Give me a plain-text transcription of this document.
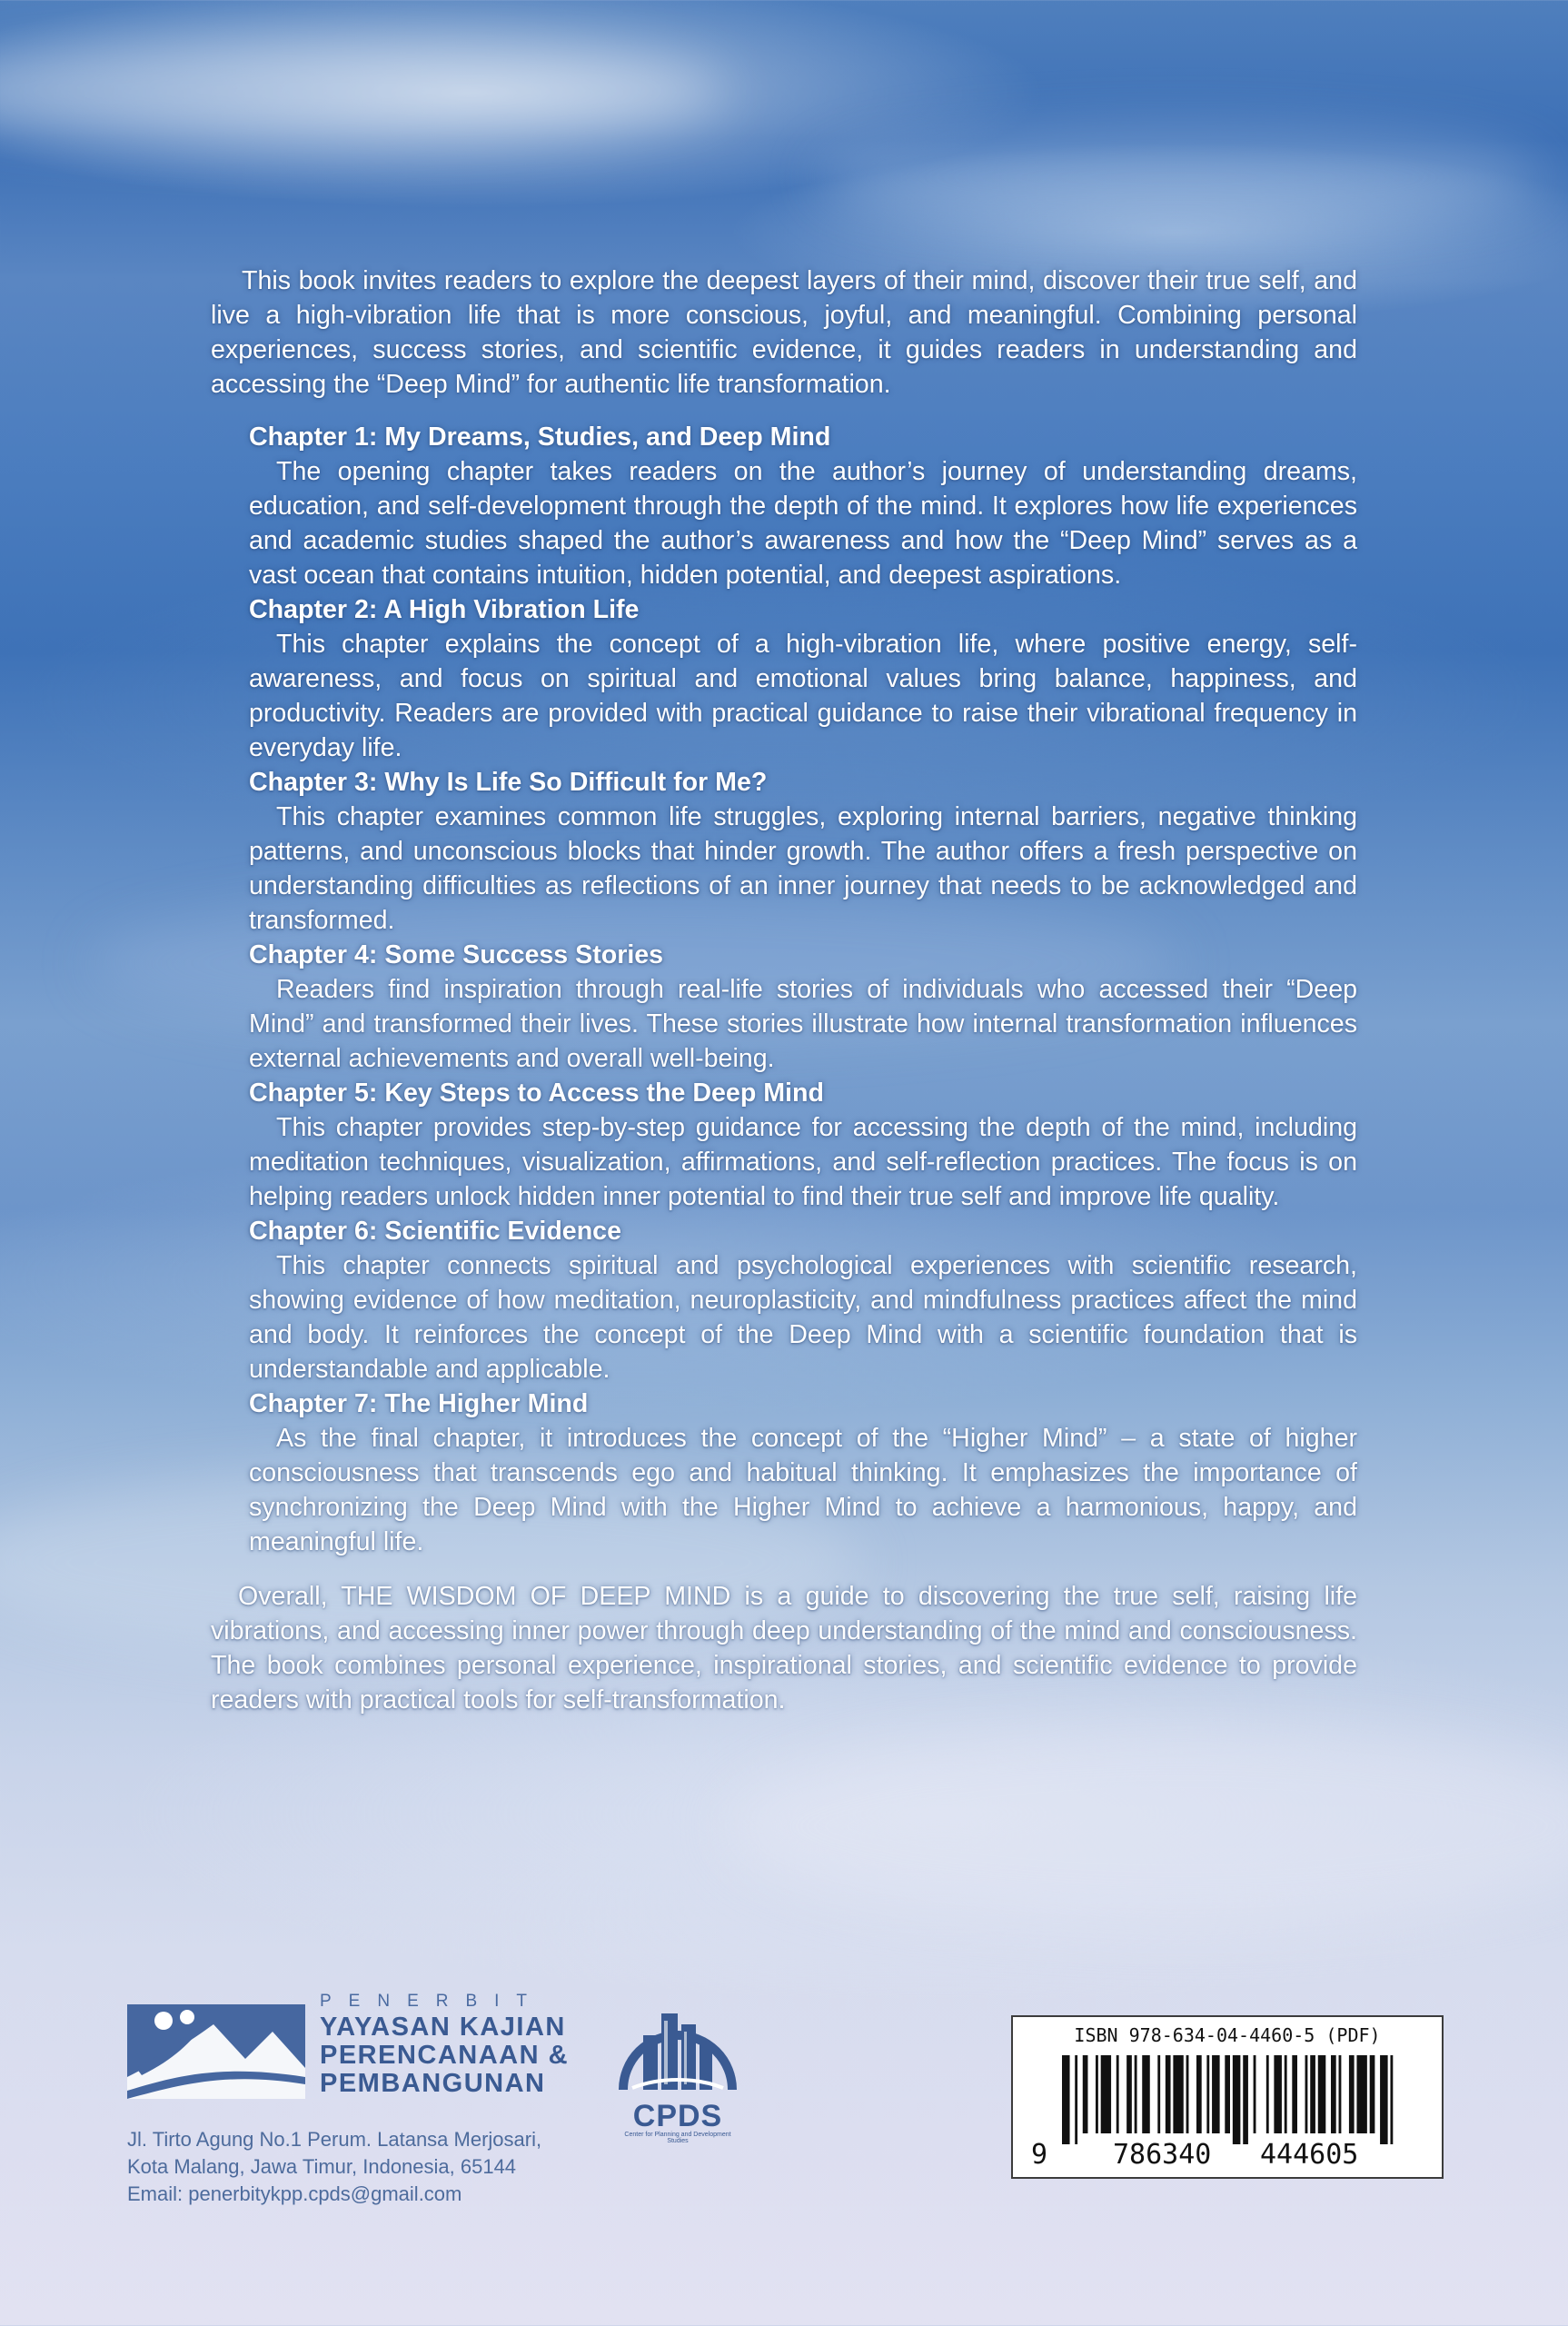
This book invites readers to explore the deepest layers of their mind, discover their true self, and live a high-vibration life that is more conscious, joyful, and meaningful. Combining personal experiences, success stories, and scientific evidence, it guides readers in understanding and accessing the “Deep Mind” for authentic life transformation.

Chapter 1: My Dreams, Studies, and Deep Mind

The opening chapter takes readers on the author’s journey of understanding dreams, education, and self-development through the depth of the mind. It explores how life experiences and academic studies shaped the author’s awareness and how the “Deep Mind” serves as a vast ocean that contains intuition, hidden potential, and deepest aspirations.

Chapter 2: A High Vibration Life

This chapter explains the concept of a high-vibration life, where positive energy, self-awareness, and focus on spiritual and emotional values bring balance, happiness, and productivity. Readers are provided with practical guidance to raise their vibrational frequency in everyday life.

Chapter 3: Why Is Life So Difficult for Me?

This chapter examines common life struggles, exploring internal barriers, negative thinking patterns, and unconscious blocks that hinder growth. The author offers a fresh perspective on understanding difficulties as reflections of an inner journey that needs to be acknowledged and transformed.

Chapter 4: Some Success Stories

Readers find inspiration through real-life stories of individuals who accessed their “Deep Mind” and transformed their lives. These stories illustrate how internal transformation influences external achievements and overall well-being.

Chapter 5: Key Steps to Access the Deep Mind

This chapter provides step-by-step guidance for accessing the depth of the mind, including meditation techniques, visualization, affirmations, and self-reflection practices. The focus is on helping readers unlock hidden inner potential to find their true self and improve life quality.

Chapter 6: Scientific Evidence

This chapter connects spiritual and psychological experiences with scientific research, showing evidence of how meditation, neuroplasticity, and mindfulness practices affect the mind and body. It reinforces the concept of the Deep Mind with a scientific foundation that is understandable and applicable.

Chapter 7: The Higher Mind

As the final chapter, it introduces the concept of the “Higher Mind” – a state of higher consciousness that transcends ego and habitual thinking. It emphasizes the importance of synchronizing the Deep Mind with the Higher Mind to achieve a harmonious, happy, and meaningful life.

Overall, THE WISDOM OF DEEP MIND is a guide to discovering the true self, raising life vibrations, and accessing inner power through deep understanding of the mind and consciousness. The book combines personal experience, inspirational stories, and scientific evidence to provide readers with practical tools for self-transformation.

PENERBIT
YAYASAN KAJIAN
PERENCANAAN &
PEMBANGUNAN
Jl. Tirto Agung No.1 Perum. Latansa Merjosari,
Kota Malang, Jawa Timur, Indonesia, 65144
Email: penerbitykpp.cpds@gmail.com
CPDS
Center for Planning and Development Studies
ISBN 978-634-04-4460-5 (PDF)
9 786340 444605
